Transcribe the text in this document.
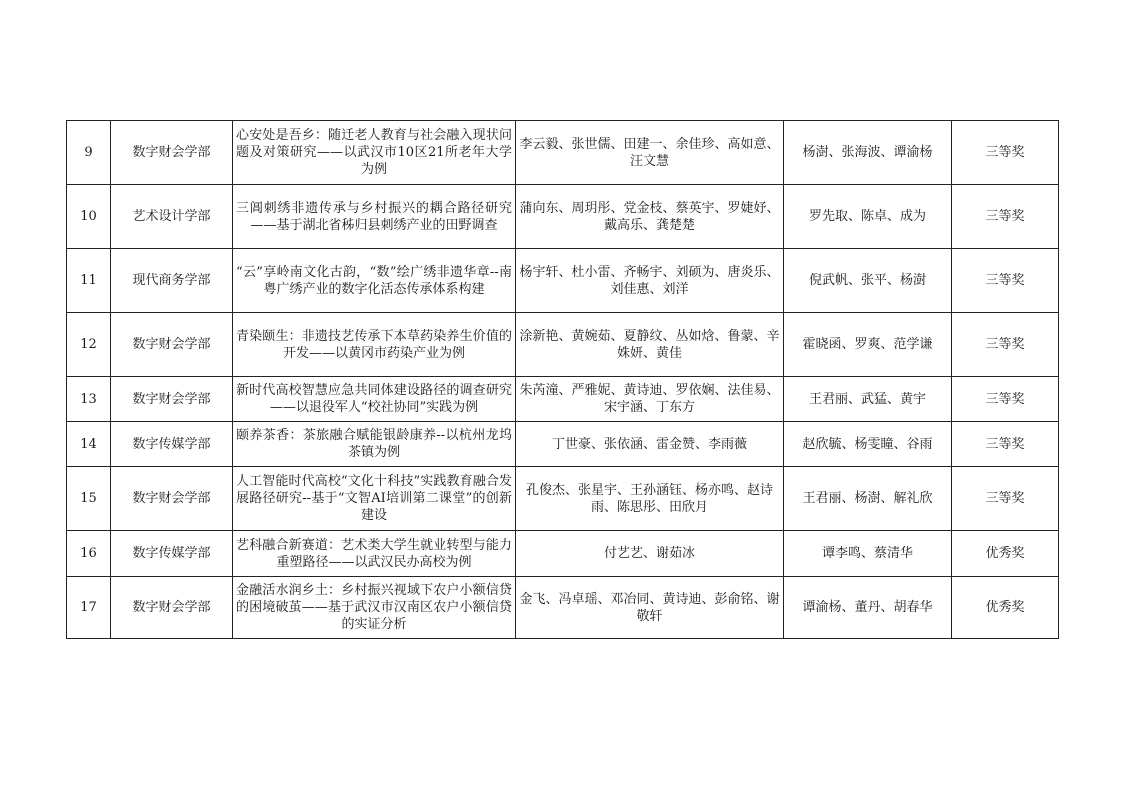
9	数字财会学部	心安处是吾乡：随迁老人教育与社会融入现状问题及对策研究——以武汉市10区21所老年大学为例	李云毅、张世儒、田建一、余佳珍、高如意、汪文慧	杨澍、张海波、谭渝杨	三等奖
10	艺术设计学部	三阊刺绣非遗传承与乡村振兴的耦合路径研究——基于湖北省秭归县刺绣产业的田野调查	蒲向东、周玥彤、党金枝、蔡英宇、罗婕妤、戴高乐、龚楚楚	罗先取、陈卓、成为	三等奖
11	现代商务学部	“云”享岭南文化古韵，“数”绘广绣非遗华章--南粤广绣产业的数字化活态传承体系构建	杨宇轩、杜小雷、齐畅宇、刘硕为、唐炎乐、刘佳惠、刘洋	倪武帆、张平、杨澍	三等奖
12	数字财会学部	青染颐生：非遗技艺传承下本草药染养生价值的开发——以黄冈市药染产业为例	涂新艳、黄婉茹、夏静纹、丛如焓、鲁蒙、辛姝妍、黄佳	霍晓函、罗爽、范学谦	三等奖
13	数字财会学部	新时代高校智慧应急共同体建设路径的调查研究——以退役军人“校社协同”实践为例	朱芮潼、严雅妮、黄诗迪、罗依娴、法佳易、宋宇涵、丁东方	王君丽、武猛、黄宇	三等奖
14	数字传媒学部	颐养茶香：茶旅融合赋能银龄康养--以杭州龙坞茶镇为例	丁世豪、张依涵、雷金赞、李雨薇	赵欣毓、杨雯瞳、谷雨	三等奖
15	数字财会学部	人工智能时代高校“文化十科技”实践教育融合发展路径研究--基于“文智AI培训第二课堂”的创新建设	孔俊杰、张星宇、王孙涵钰、杨亦鸣、赵诗雨、陈思彤、田欣月	王君丽、杨澍、解礼欣	三等奖
16	数字传媒学部	艺科融合新赛道：艺术类大学生就业转型与能力重塑路径——以武汉民办高校为例	付艺艺、谢茹冰	谭李鸣、蔡清华	优秀奖
17	数字财会学部	金融活水润乡土：乡村振兴视域下农户小额信贷的困境破茧——基于武汉市汉南区农户小额信贷的实证分析	金飞、冯卓瑶、邓冶同、黄诗迪、彭俞铭、谢敬轩	谭渝杨、董丹、胡春华	优秀奖
